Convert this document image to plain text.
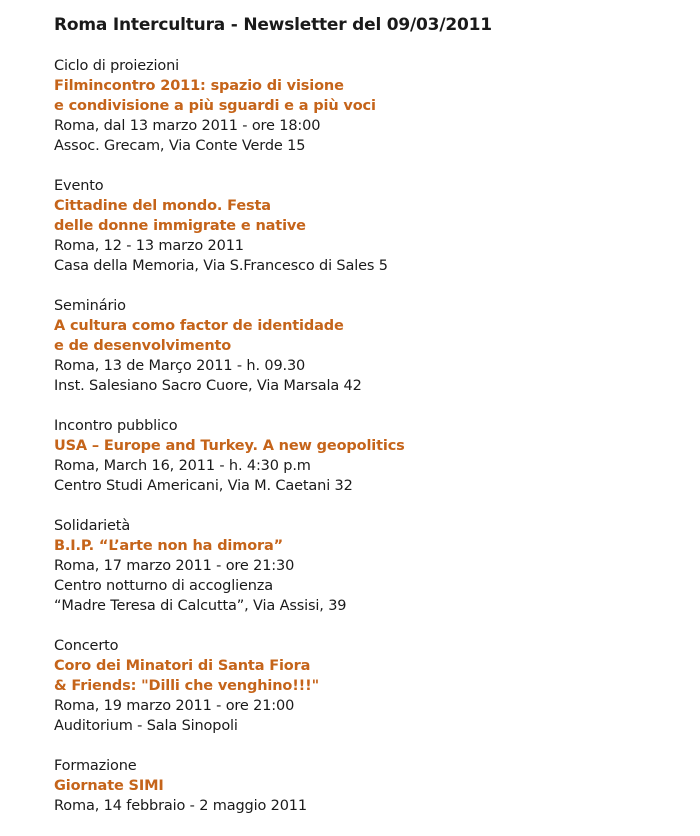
Roma Intercultura - Newsletter del 09/03/2011
Ciclo di proiezioni
Filmincontro 2011: spazio di visione
e condivisione a più sguardi e a più voci
Roma, dal 13 marzo 2011 - ore 18:00
Assoc. Grecam, Via Conte Verde 15
Evento
Cittadine del mondo. Festa
delle donne immigrate e native
Roma, 12 - 13 marzo 2011
Casa della Memoria, Via S.Francesco di Sales 5
Seminário
A cultura como factor de identidade
e de desenvolvimento
Roma, 13 de Março 2011 - h. 09.30
Inst. Salesiano Sacro Cuore, Via Marsala 42
Incontro pubblico
USA – Europe and Turkey. A new geopolitics
Roma, March 16, 2011 - h. 4:30 p.m
Centro Studi Americani, Via M. Caetani 32
Solidarietà
B.I.P. “L’arte non ha dimora”
Roma, 17 marzo 2011 - ore 21:30
Centro notturno di accoglienza
“Madre Teresa di Calcutta”, Via Assisi, 39
Concerto
Coro dei Minatori di Santa Fiora
& Friends: "Dilli che venghino!!!"
Roma, 19 marzo 2011 - ore 21:00
Auditorium - Sala Sinopoli
Formazione
Giornate SIMI
Roma, 14 febbraio - 2 maggio 2011
